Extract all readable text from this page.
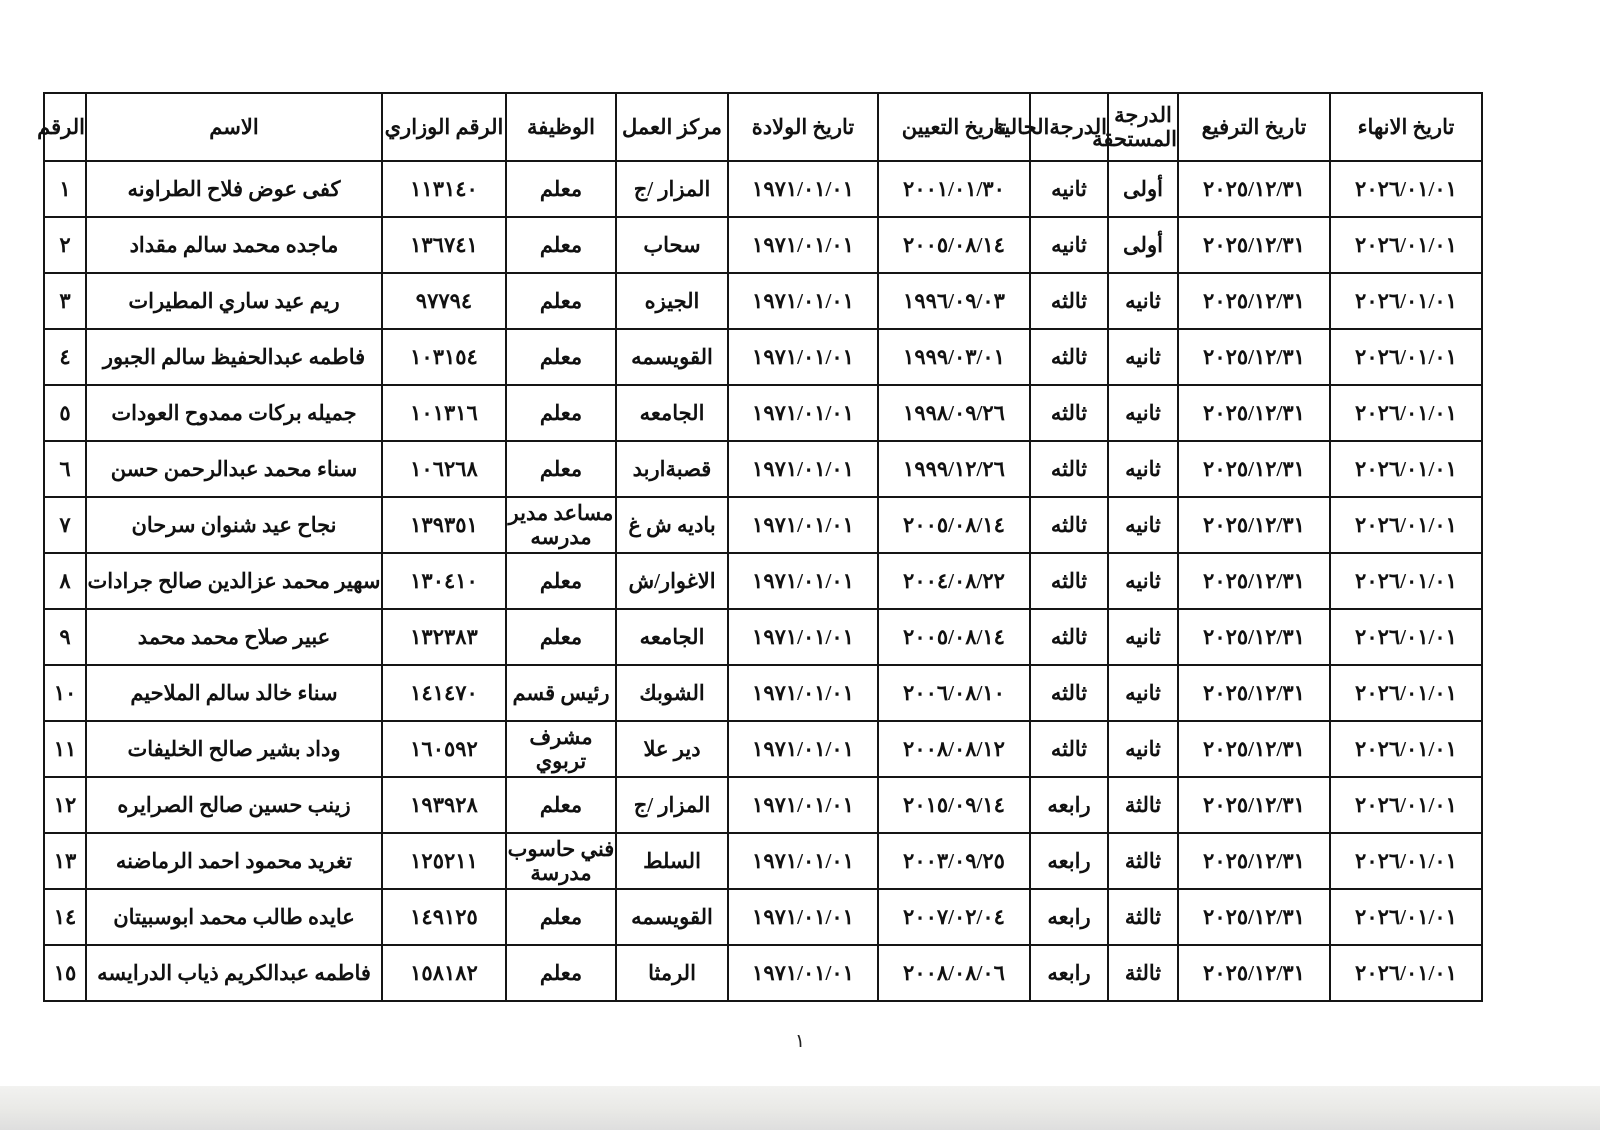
تاريخ الانهاء	تاريخ الترفيع	الدرجة المستحقة	الدرجةالحالية	تاريخ التعيين	تاريخ الولادة	مركز العمل	الوظيفة	الرقم الوزاري	الاسم	الرقم
٢٠٢٦/٠١/٠١	٢٠٢٥/١٢/٣١	أولى	ثانيه	٢٠٠١/٠١/٣٠	١٩٧١/٠١/٠١	المزار /ج	معلم	١١٣١٤٠	كفى عوض فلاح الطراونه	١
٢٠٢٦/٠١/٠١	٢٠٢٥/١٢/٣١	أولى	ثانيه	٢٠٠٥/٠٨/١٤	١٩٧١/٠١/٠١	سحاب	معلم	١٣٦٧٤١	ماجده محمد سالم مقداد	٢
٢٠٢٦/٠١/٠١	٢٠٢٥/١٢/٣١	ثانيه	ثالثه	١٩٩٦/٠٩/٠٣	١٩٧١/٠١/٠١	الجيزه	معلم	٩٧٧٩٤	ريم عيد ساري المطيرات	٣
٢٠٢٦/٠١/٠١	٢٠٢٥/١٢/٣١	ثانيه	ثالثه	١٩٩٩/٠٣/٠١	١٩٧١/٠١/٠١	القويسمه	معلم	١٠٣١٥٤	فاطمه عبدالحفيظ سالم الجبور	٤
٢٠٢٦/٠١/٠١	٢٠٢٥/١٢/٣١	ثانيه	ثالثه	١٩٩٨/٠٩/٢٦	١٩٧١/٠١/٠١	الجامعه	معلم	١٠١٣١٦	جميله بركات ممدوح العودات	٥
٢٠٢٦/٠١/٠١	٢٠٢٥/١٢/٣١	ثانيه	ثالثه	١٩٩٩/١٢/٢٦	١٩٧١/٠١/٠١	قصبةاربد	معلم	١٠٦٢٦٨	سناء محمد عبدالرحمن حسن	٦
٢٠٢٦/٠١/٠١	٢٠٢٥/١٢/٣١	ثانيه	ثالثه	٢٠٠٥/٠٨/١٤	١٩٧١/٠١/٠١	باديه ش غ	مساعد مدير مدرسه	١٣٩٣٥١	نجاح عيد شنوان سرحان	٧
٢٠٢٦/٠١/٠١	٢٠٢٥/١٢/٣١	ثانيه	ثالثه	٢٠٠٤/٠٨/٢٢	١٩٧١/٠١/٠١	الاغوار/ش	معلم	١٣٠٤١٠	سهير محمد عزالدين صالح جرادات	٨
٢٠٢٦/٠١/٠١	٢٠٢٥/١٢/٣١	ثانيه	ثالثه	٢٠٠٥/٠٨/١٤	١٩٧١/٠١/٠١	الجامعه	معلم	١٣٢٣٨٣	عبير صلاح محمد محمد	٩
٢٠٢٦/٠١/٠١	٢٠٢٥/١٢/٣١	ثانيه	ثالثه	٢٠٠٦/٠٨/١٠	١٩٧١/٠١/٠١	الشوبك	رئيس قسم	١٤١٤٧٠	سناء خالد سالم الملاحيم	١٠
٢٠٢٦/٠١/٠١	٢٠٢٥/١٢/٣١	ثانيه	ثالثه	٢٠٠٨/٠٨/١٢	١٩٧١/٠١/٠١	دير علا	مشرف تربوي	١٦٠٥٩٢	وداد بشير صالح الخليفات	١١
٢٠٢٦/٠١/٠١	٢٠٢٥/١٢/٣١	ثالثة	رابعه	٢٠١٥/٠٩/١٤	١٩٧١/٠١/٠١	المزار /ج	معلم	١٩٣٩٢٨	زينب حسين صالح الصرايره	١٢
٢٠٢٦/٠١/٠١	٢٠٢٥/١٢/٣١	ثالثة	رابعه	٢٠٠٣/٠٩/٢٥	١٩٧١/٠١/٠١	السلط	فني حاسوب مدرسة	١٢٥٢١١	تغريد محمود احمد الرماضنه	١٣
٢٠٢٦/٠١/٠١	٢٠٢٥/١٢/٣١	ثالثة	رابعه	٢٠٠٧/٠٢/٠٤	١٩٧١/٠١/٠١	القويسمه	معلم	١٤٩١٢٥	عايده طالب محمد ابوسبيتان	١٤
٢٠٢٦/٠١/٠١	٢٠٢٥/١٢/٣١	ثالثة	رابعه	٢٠٠٨/٠٨/٠٦	١٩٧١/٠١/٠١	الرمثا	معلم	١٥٨١٨٢	فاطمه عبدالكريم ذياب الدرايسه	١٥
١
